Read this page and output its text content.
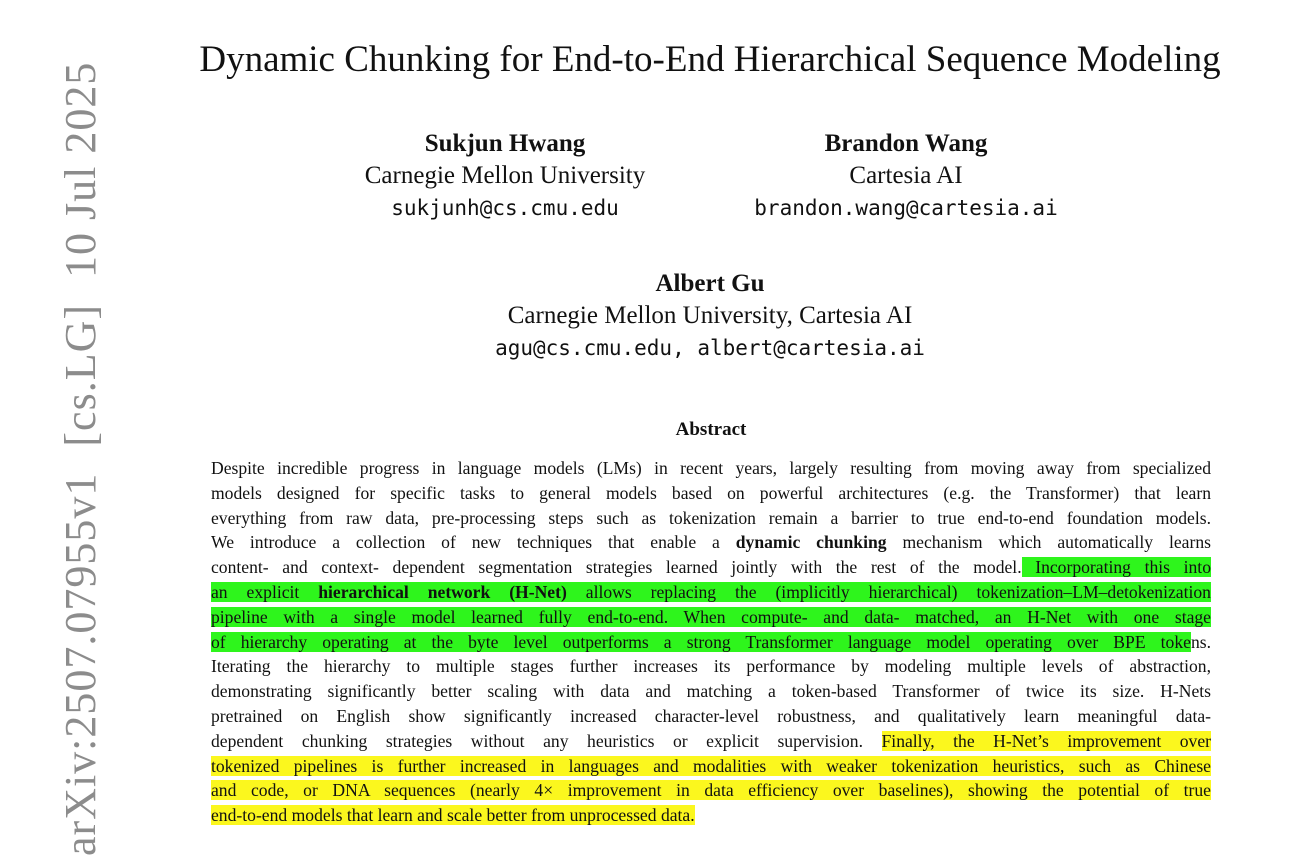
arXiv:2507.07955v1[cs.LG]10 Jul 2025
Dynamic Chunking for End-to-End Hierarchical Sequence Modeling
Sukjun Hwang
Carnegie Mellon University
sukjunh@cs.cmu.edu
Brandon Wang
Cartesia AI
brandon.wang@cartesia.ai
Albert Gu
Carnegie Mellon University, Cartesia AI
agu@cs.cmu.edu, albert@cartesia.ai
Abstract
Despite incredible progress in language models (LMs) in recent years, largely resulting from moving away from specialized
models designed for specific tasks to general models based on powerful architectures (e.g. the Transformer) that learn
everything from raw data, pre-processing steps such as tokenization remain a barrier to true end-to-end foundation models.
We introduce a collection of new techniques that enable a dynamic chunking mechanism which automatically learns
content- and context- dependent segmentation strategies learned jointly with the rest of the model. Incorporating this into
an explicit hierarchical network (H-Net) allows replacing the (implicitly hierarchical) tokenization–LM–detokenization
pipeline with a single model learned fully end-to-end. When compute- and data- matched, an H-Net with one stage
of hierarchy operating at the byte level outperforms a strong Transformer language model operating over BPE tokens.
Iterating the hierarchy to multiple stages further increases its performance by modeling multiple levels of abstraction,
demonstrating significantly better scaling with data and matching a token-based Transformer of twice its size. H-Nets
pretrained on English show significantly increased character-level robustness, and qualitatively learn meaningful data-
dependent chunking strategies without any heuristics or explicit supervision. Finally, the H-Net’s improvement over
tokenized pipelines is further increased in languages and modalities with weaker tokenization heuristics, such as Chinese
and code, or DNA sequences (nearly 4× improvement in data efficiency over baselines), showing the potential of true
end-to-end models that learn and scale better from unprocessed data.
